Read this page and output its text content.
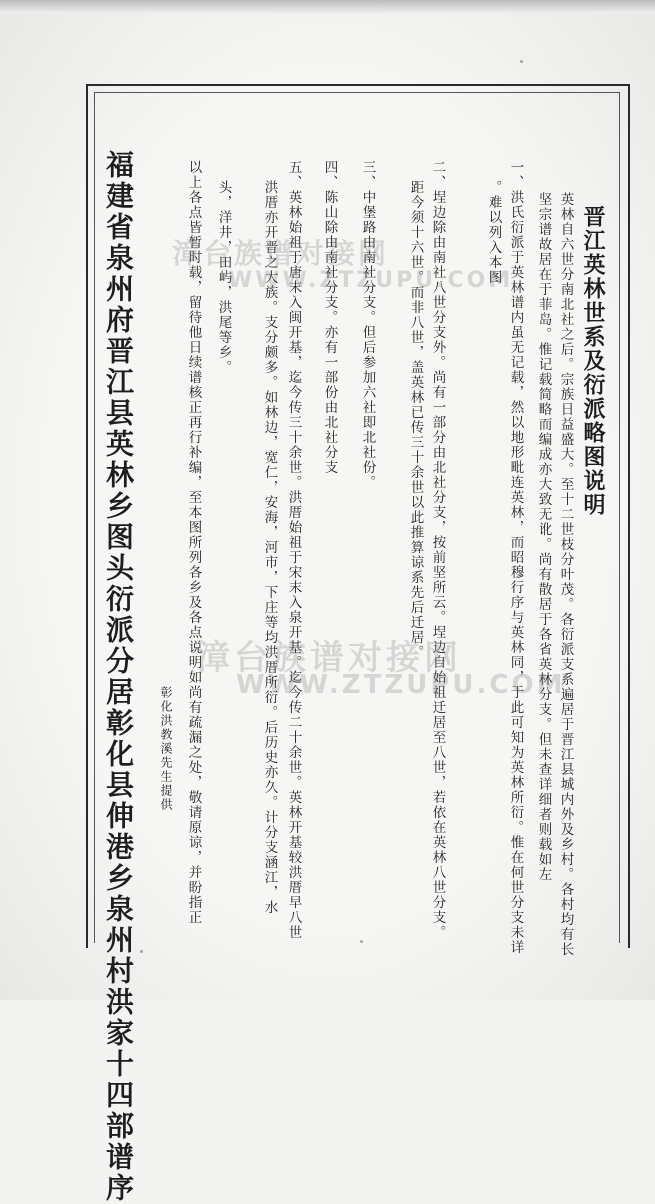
晋江英林世系及衍派略图说明
英林自六世分南北社之后。宗族日益盛大。至十二世枝分叶茂。各衍派支系遍居于晋江县城内外及乡村。各村均有长
坚宗谱故居在于菲岛。惟记载简略而编成亦大致无讹。尚有散居于各省英林分支。但未查详细者则载如左
一、洪氏衍派于英林谱内虽无记载，然以地形毗连英林，而昭穆行序与英林同，于此可知为英林所衍。惟在何世分支未详
。难以列入本图
二、埕边除由南社八世分支外。尚有一部分由北社分支，按前坚所云。埕边自始祖迁居至八世，若依在英林八世分支。
距今须十六世。而非八世，盖英林已传三十余世以此推算谅系先后迁居。
三、中堡路由南社分支。但后参加六社即北社份。
四、陈山除由南社分支。亦有一部份由北社分支
五、英林始祖于唐末入闽开基，迄今传三十余世。洪厝始祖于宋末入泉开基。迄今传二十余世。英林开基较洪厝早八世
洪厝亦开晋之大族。支分颇多。如林边，宽仁，安海，河市，下庄等均洪厝所衍。后历史亦久。计分支涵江，水
头，洋井，田屿，洪尾等乡。
以上各点皆暂时载，留待他日续谱核正再行补编，至本图所列各乡及各点说明如尚有疏漏之处，敬请原谅，并盼指正
彰化洪教溪先生提供
福建省泉州府晋江县英林乡图头衍派分居彰化县伸港乡泉州村洪家十四部谱序 漳台族谱对接网
WWW.ZTZUPU.COM
漳台族谱对接网
WWW.ZTZUPU.COM
